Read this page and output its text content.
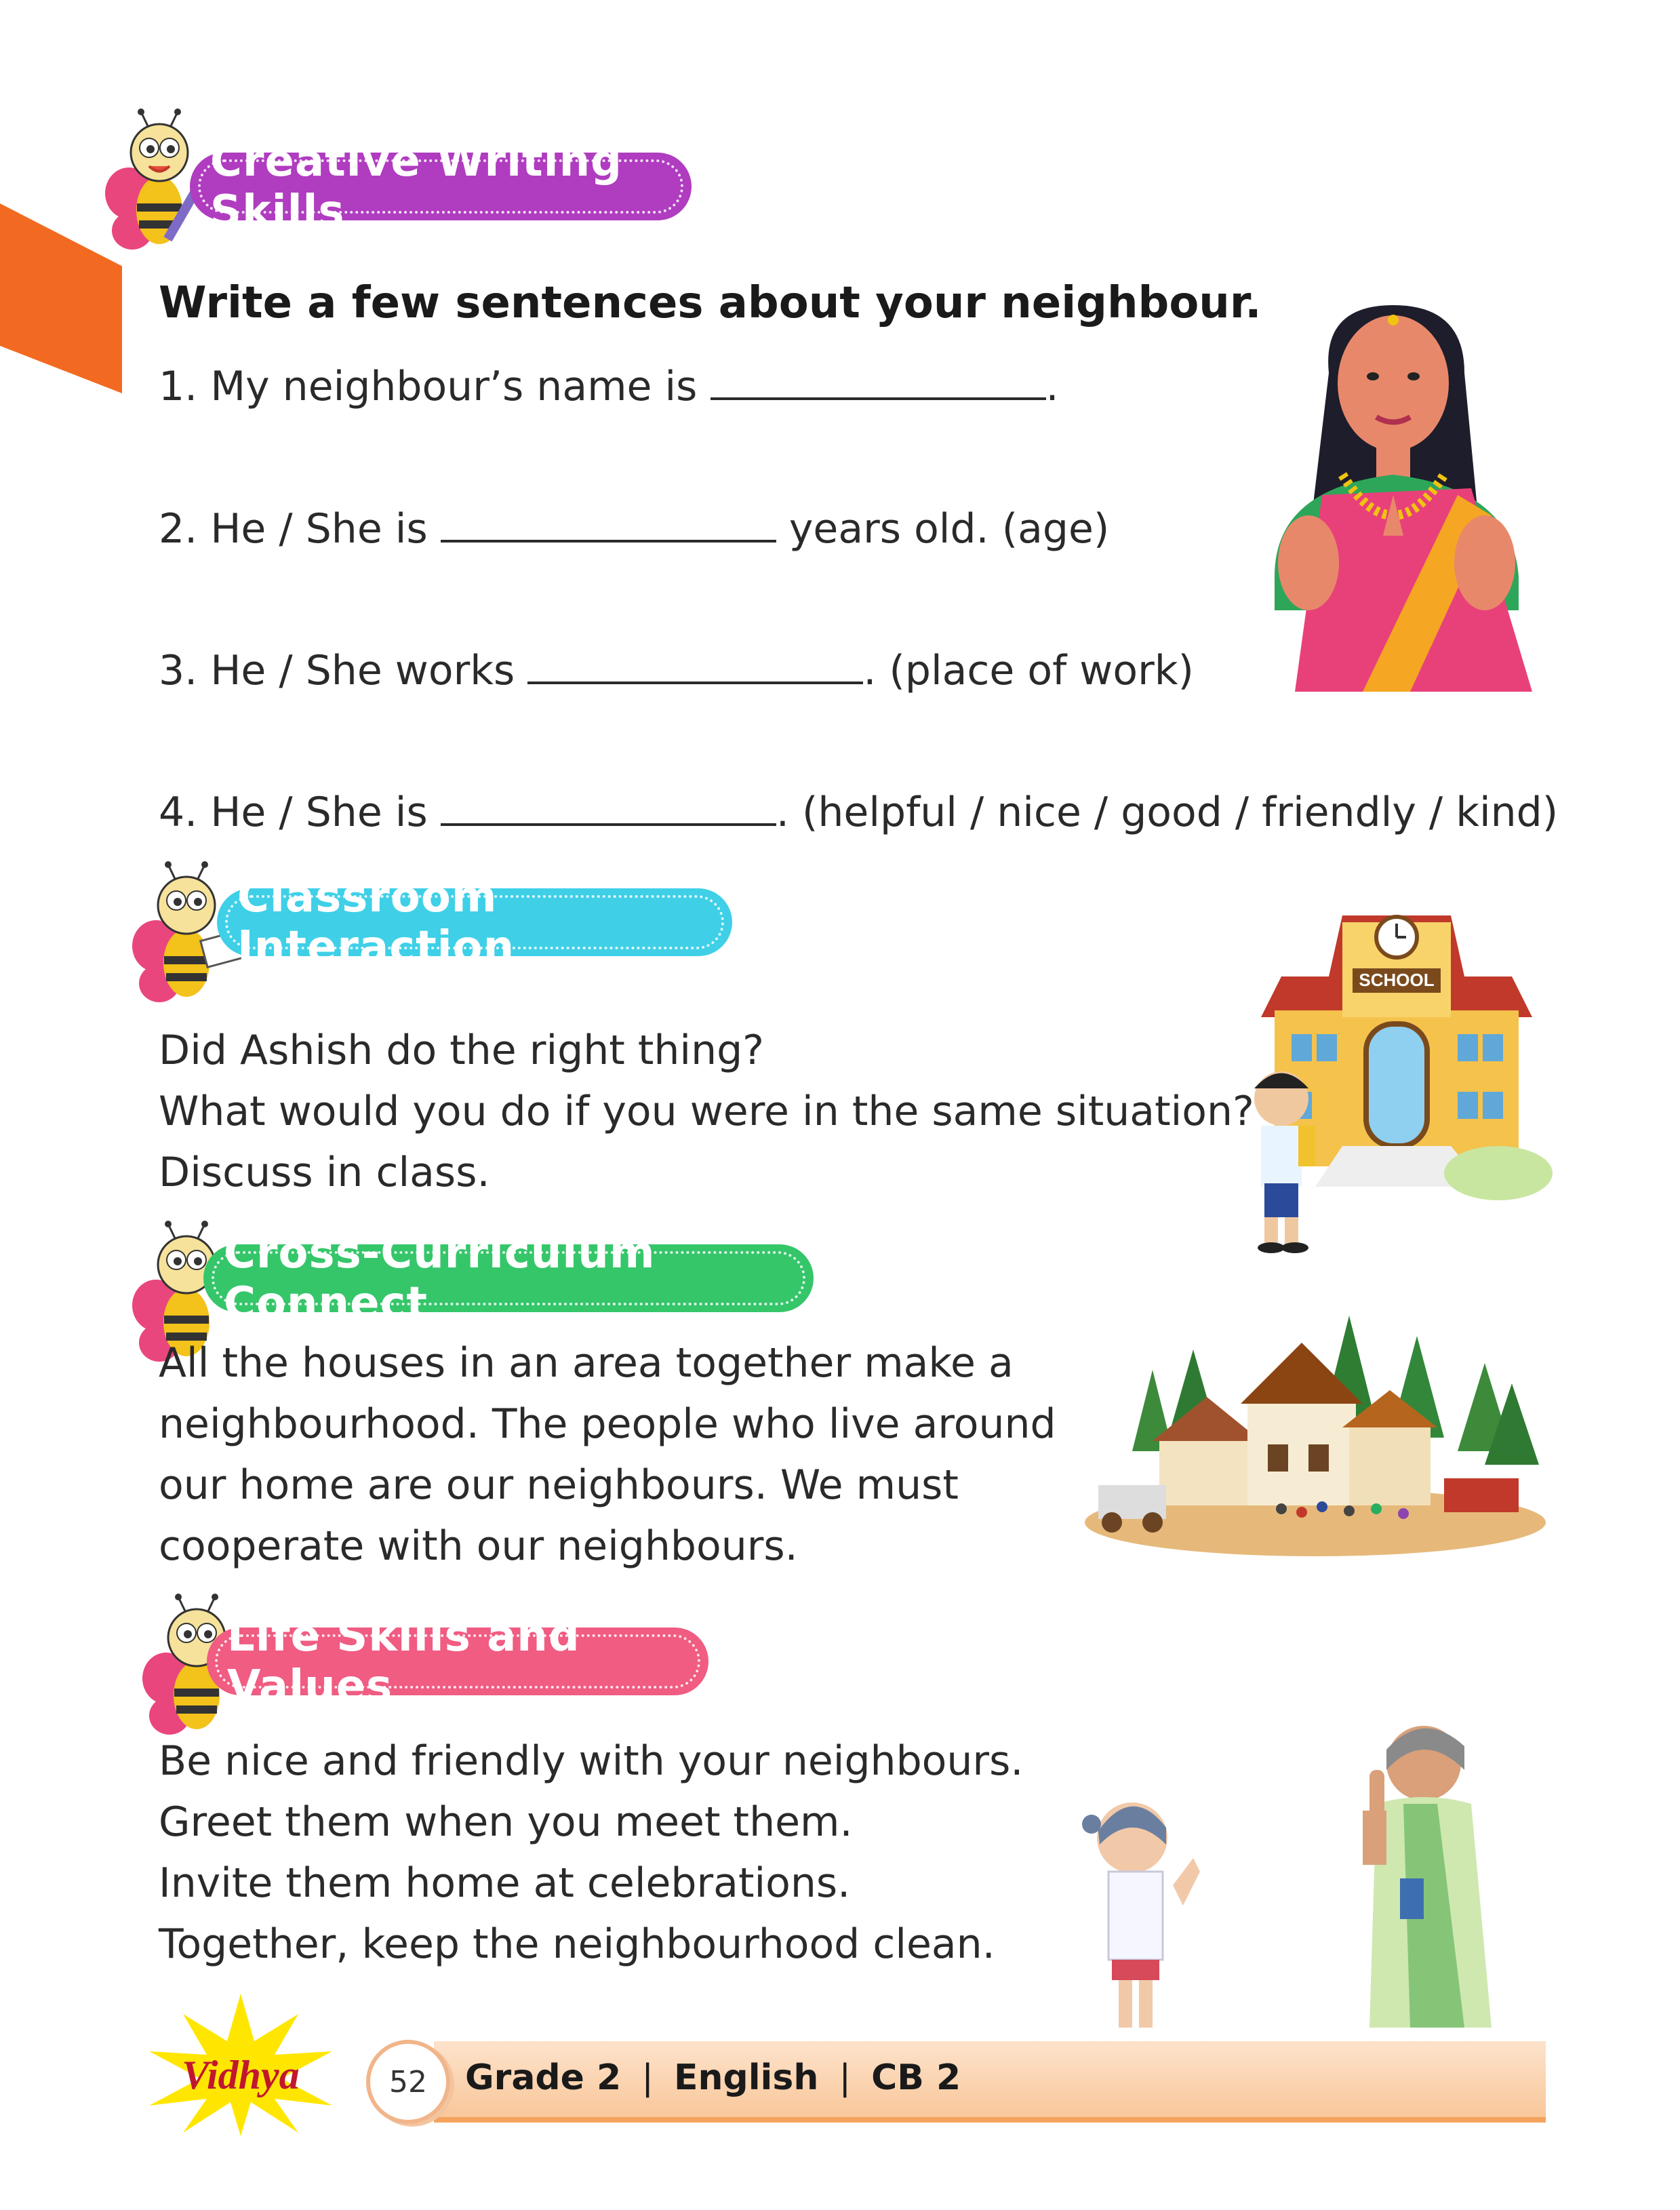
Creative Writing Skills
Write a few sentences about your neighbour.
1. My neighbour’s name is	.
2. He / She is	years old. (age)
3. He / She works	. (place of work)
4. He / She is	. (helpful / nice / good / friendly / kind)
Classroom Interaction
Did Ashish do the right thing?
What would you do if you were in the same situation?
Discuss in class.
SCHOOL
Cross-Curriculum Connect
All the houses in an area together make a
neighbourhood. The people who live around
our home are our neighbours. We must
cooperate with our neighbours.
Life Skills and Values
Be nice and friendly with your neighbours.
Greet them when you meet them.
Invite them home at celebrations.
Together, keep the neighbourhood clean.
Vidhya	52	Grade 2 | English | CB 2
